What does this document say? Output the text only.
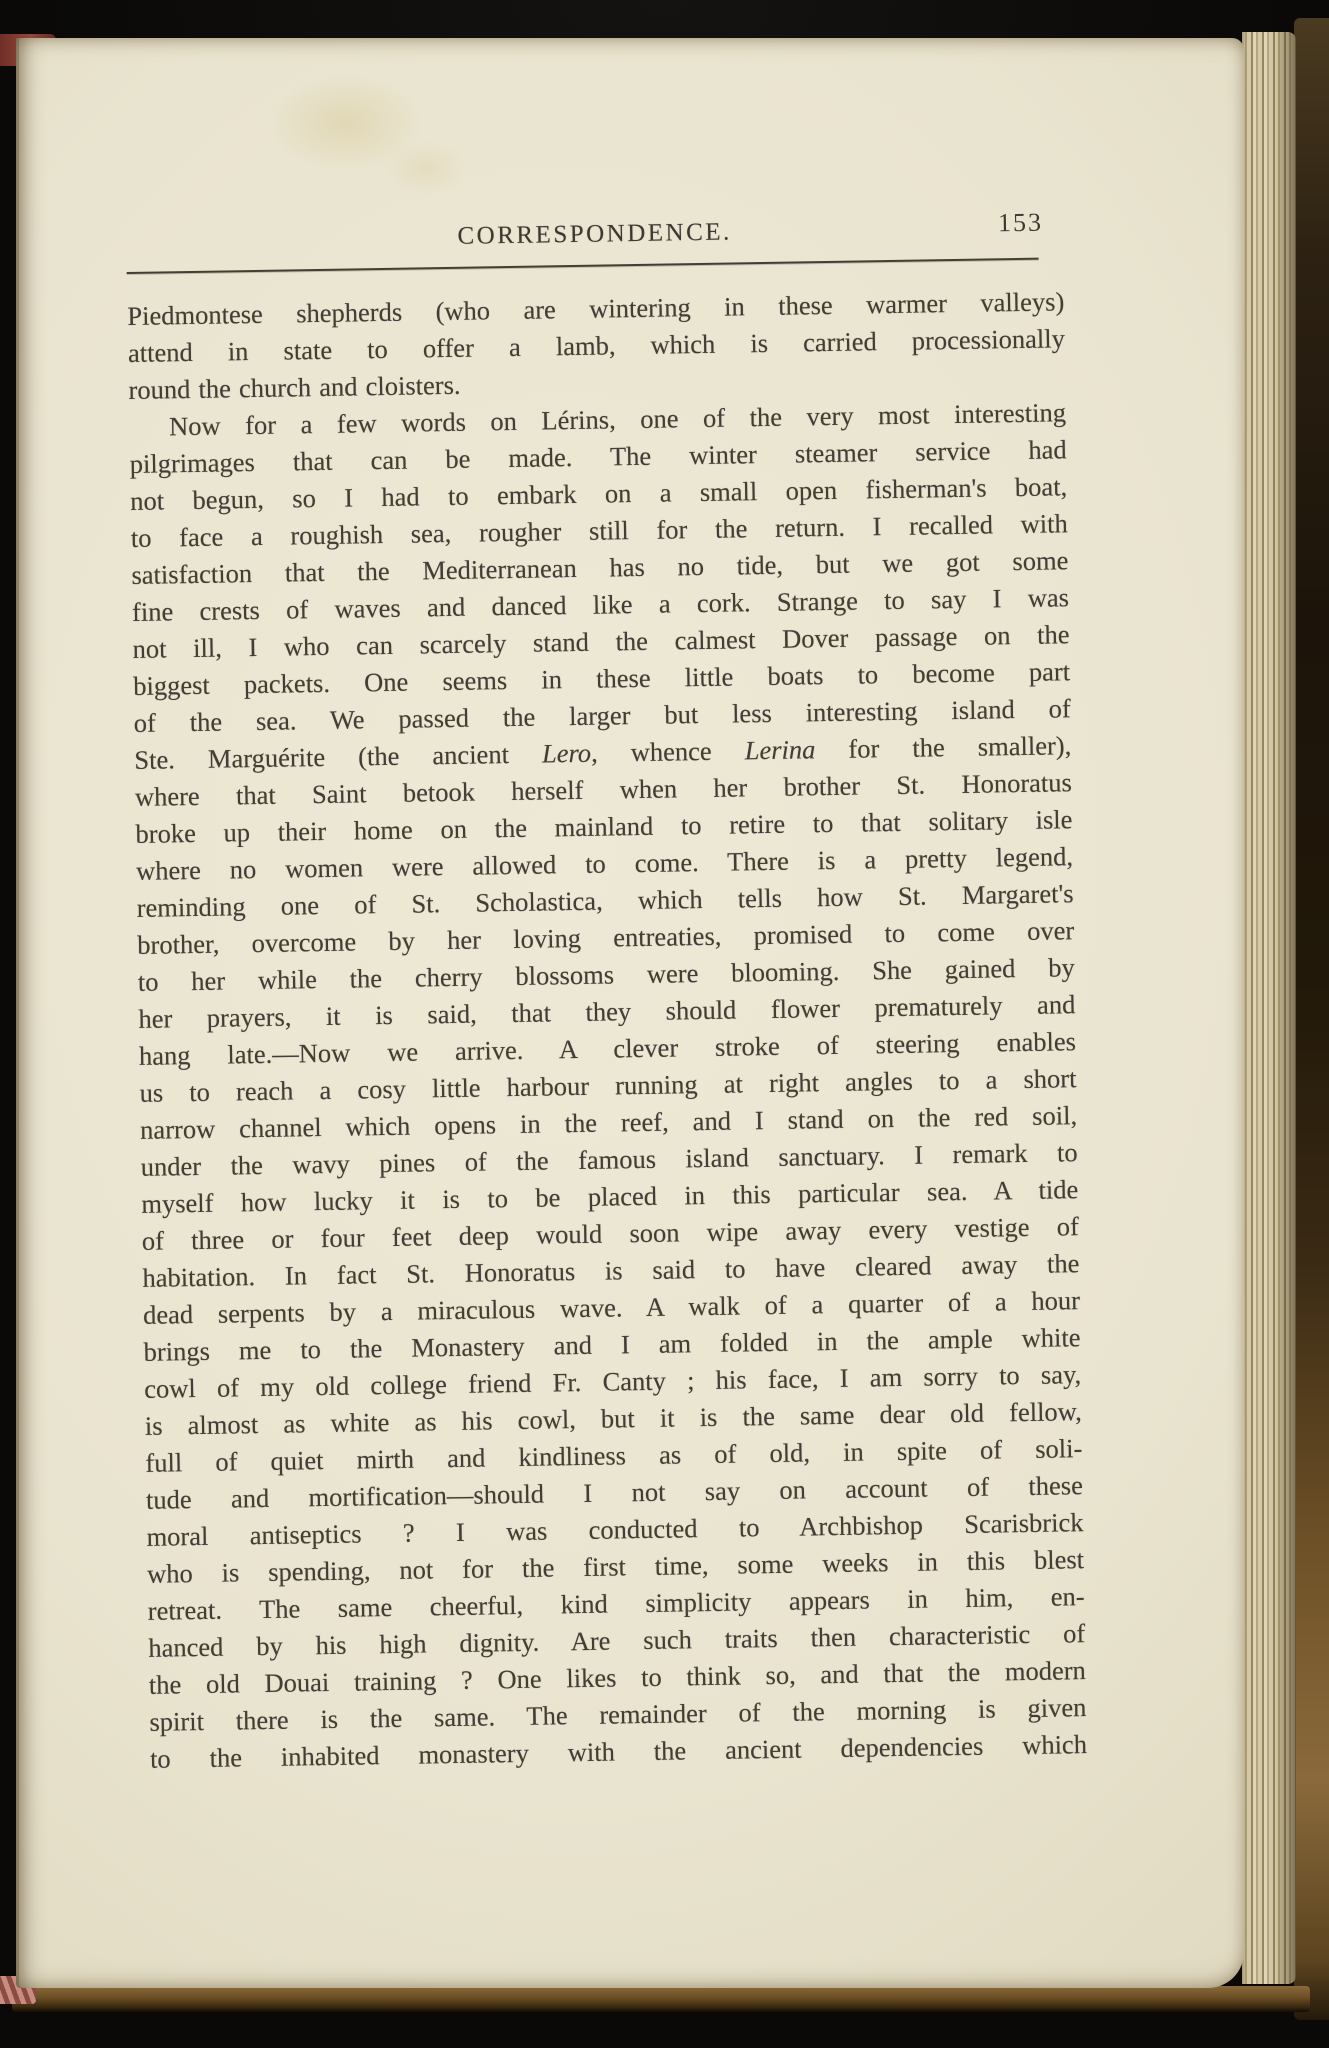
CORRESPONDENCE.	153
Piedmontese shepherds (who are wintering in these warmer valleys)
attend in state to offer a lamb, which is carried processionally
round the church and cloisters.
Now for a few words on Lérins, one of the very most interesting
pilgrimages that can be made. The winter steamer service had
not begun, so I had to embark on a small open fisherman's boat,
to face a roughish sea, rougher still for the return. I recalled with
satisfaction that the Mediterranean has no tide, but we got some
fine crests of waves and danced like a cork. Strange to say I was
not ill, I who can scarcely stand the calmest Dover passage on the
biggest packets. One seems in these little boats to become part
of the sea. We passed the larger but less interesting island of
Ste. Marguérite (the ancient Lero, whence Lerina for the smaller),
where that Saint betook herself when her brother St. Honoratus
broke up their home on the mainland to retire to that solitary isle
where no women were allowed to come. There is a pretty legend,
reminding one of St. Scholastica, which tells how St. Margaret's
brother, overcome by her loving entreaties, promised to come over
to her while the cherry blossoms were blooming. She gained by
her prayers, it is said, that they should flower prematurely and
hang late.—Now we arrive. A clever stroke of steering enables
us to reach a cosy little harbour running at right angles to a short
narrow channel which opens in the reef, and I stand on the red soil,
under the wavy pines of the famous island sanctuary. I remark to
myself how lucky it is to be placed in this particular sea. A tide
of three or four feet deep would soon wipe away every vestige of
habitation. In fact St. Honoratus is said to have cleared away the
dead serpents by a miraculous wave. A walk of a quarter of a hour
brings me to the Monastery and I am folded in the ample white
cowl of my old college friend Fr. Canty ; his face, I am sorry to say,
is almost as white as his cowl, but it is the same dear old fellow,
full of quiet mirth and kindliness as of old, in spite of soli-
tude and mortification—should I not say on account of these
moral antiseptics ? I was conducted to Archbishop Scarisbrick
who is spending, not for the first time, some weeks in this blest
retreat. The same cheerful, kind simplicity appears in him, en-
hanced by his high dignity. Are such traits then characteristic of
the old Douai training ? One likes to think so, and that the modern
spirit there is the same. The remainder of the morning is given
to the inhabited monastery with the ancient dependencies which
